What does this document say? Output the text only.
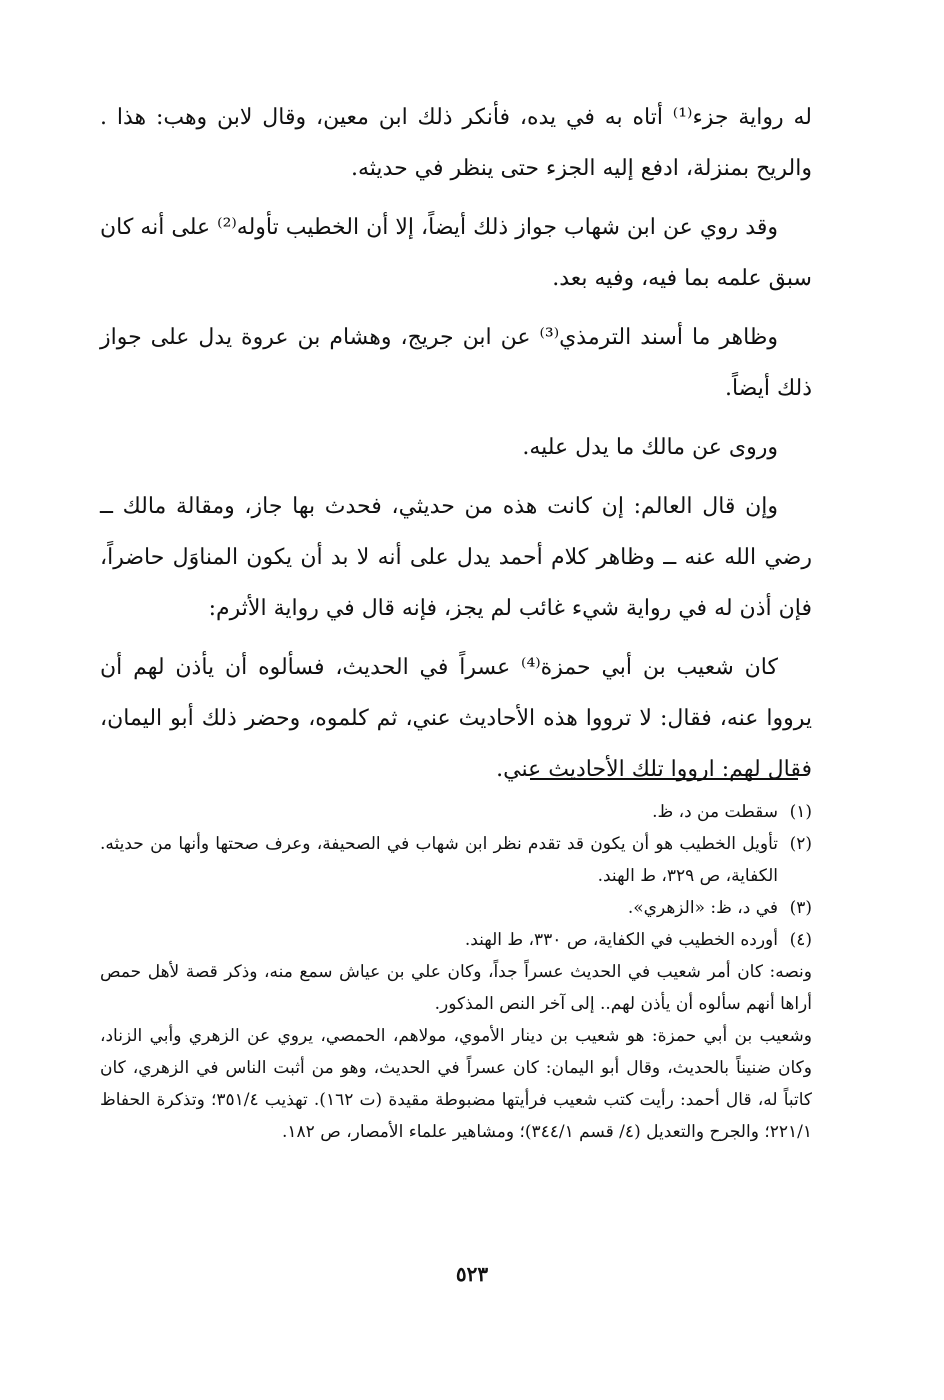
له رواية جزء⁽¹⁾ أتاه به في يده، فأنكر ذلك ابن معين، وقال لابن وهب: هذا . والريح بمنزلة، ادفع إليه الجزء حتى ينظر في حديثه.

وقد روي عن ابن شهاب جواز ذلك أيضاً، إلا أن الخطيب تأوله⁽²⁾ على أنه كان سبق علمه بما فيه، وفيه بعد.

وظاهر ما أسند الترمذي⁽³⁾ عن ابن جريج، وهشام بن عروة يدل على جواز ذلك أيضاً.

وروى عن مالك ما يدل عليه.

وإن قال العالم: إن كانت هذه من حديثي، فحدث بها جاز، ومقالة مالك ــ رضي الله عنه ــ وظاهر كلام أحمد يدل على أنه لا بد أن يكون المناوَل حاضراً، فإن أذن له في رواية شيء غائب لم يجز، فإنه قال في رواية الأثرم:

كان شعيب بن أبي حمزة⁽⁴⁾ عسراً في الحديث، فسألوه أن يأذن لهم أن يرووا عنه، فقال: لا ترووا هذه الأحاديث عني، ثم كلموه، وحضر ذلك أبو اليمان، فقال لهم: ارووا تلك الأحاديث عني.

(١)
سقطت من د، ظ.
(٢)
تأويل الخطيب هو أن يكون قد تقدم نظر ابن شهاب في الصحيفة، وعرف صحتها وأنها من حديثه. الكفاية، ص ٣٢٩، ط الهند.
(٣)
في د، ظ: «الزهري».
(٤)
أورده الخطيب في الكفاية، ص ٣٣٠، ط الهند.

ونصه: كان أمر شعيب في الحديث عسراً جداً، وكان علي بن عياش سمع منه، وذكر قصة لأهل حمص أراها أنهم سألوه أن يأذن لهم.. إلى آخر النص المذكور.

وشعيب بن أبي حمزة: هو شعيب بن دينار الأموي، مولاهم، الحمصي، يروي عن الزهري وأبي الزناد، وكان ضنيناً بالحديث، وقال أبو اليمان: كان عسراً في الحديث، وهو من أثبت الناس في الزهري، كان كاتباً له، قال أحمد: رأيت كتب شعيب فرأيتها مضبوطة مقيدة (ت ١٦٢). تهذيب ٣٥١/٤؛ وتذكرة الحفاظ ٢٢١/١؛ والجرح والتعديل (٤/ قسم ٣٤٤/١)؛ ومشاهير علماء الأمصار، ص ١٨٢.

٥٢٣
